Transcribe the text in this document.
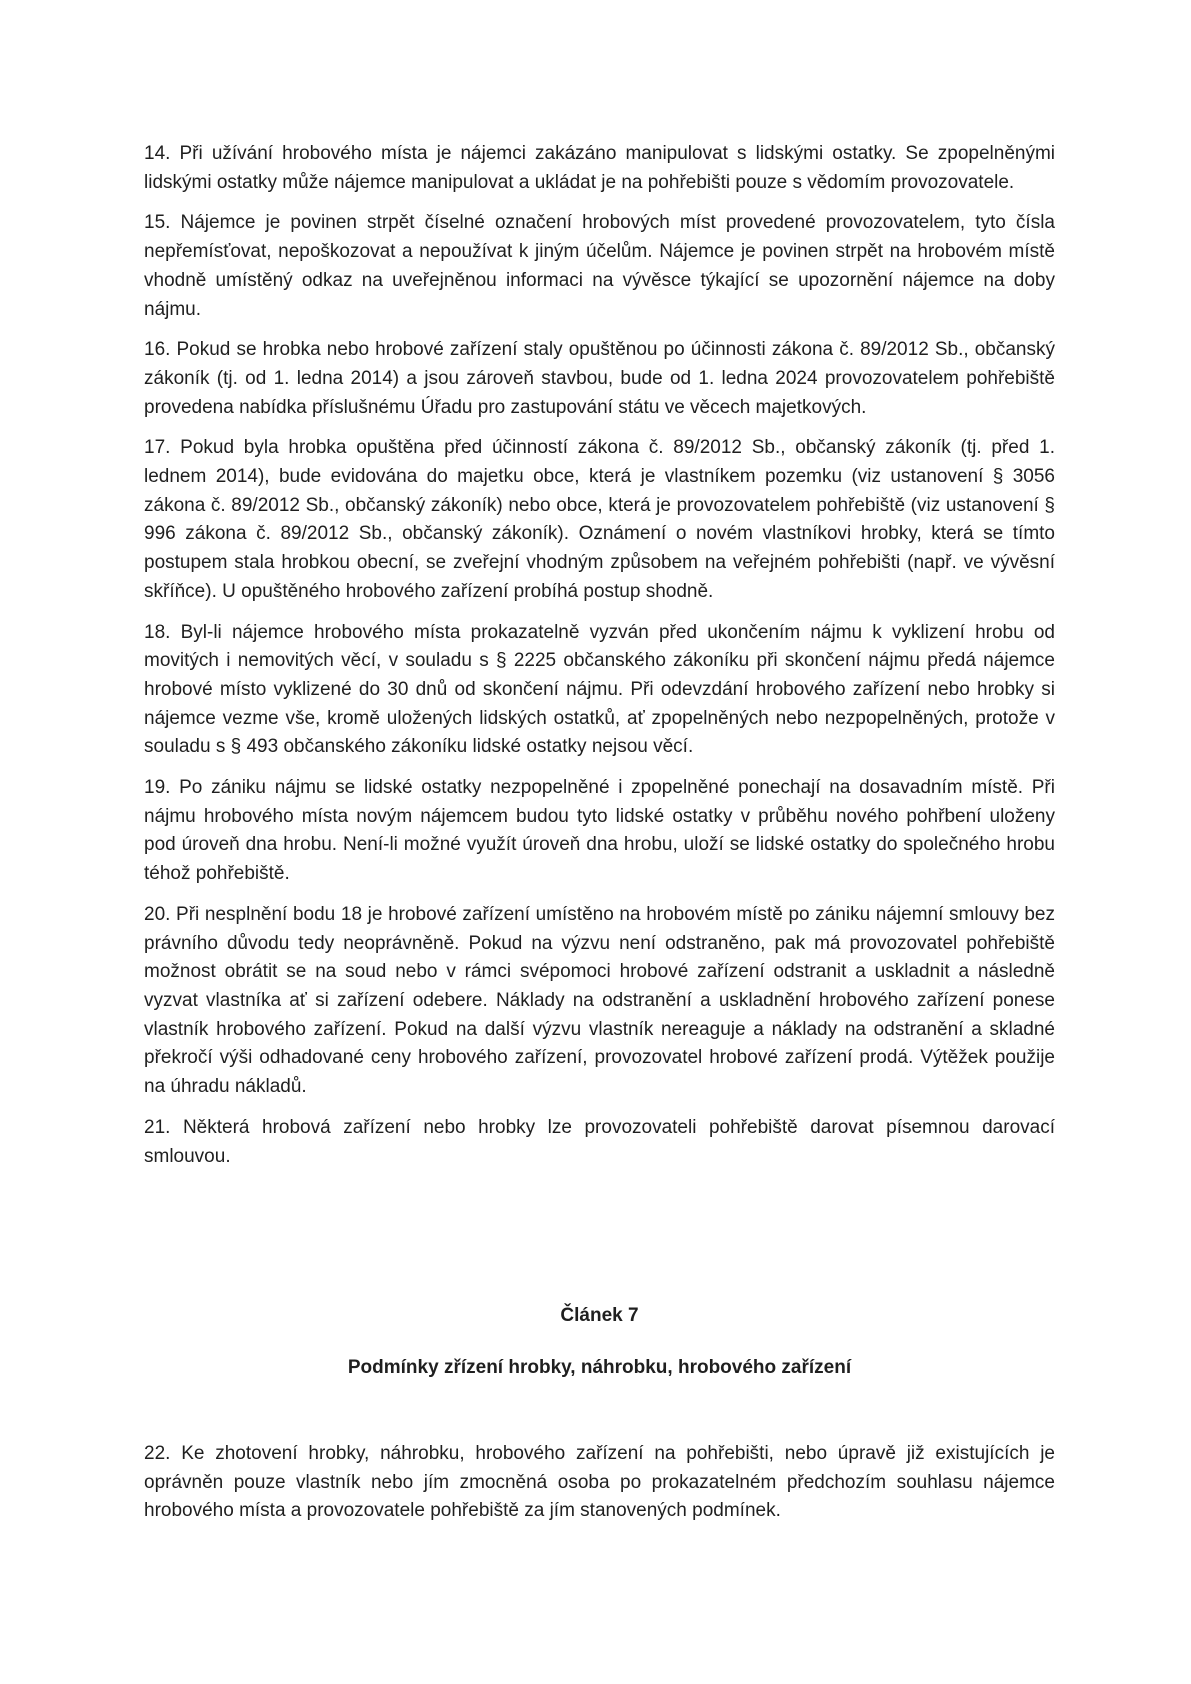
14. Při užívání hrobového místa je nájemci zakázáno manipulovat s lidskými ostatky. Se zpopelněnými lidskými ostatky může nájemce manipulovat a ukládat je na pohřebišti pouze s vědomím provozovatele.

15. Nájemce je povinen strpět číselné označení hrobových míst provedené provozovatelem, tyto čísla nepřemísťovat, nepoškozovat a nepoužívat k jiným účelům. Nájemce je povinen strpět na hrobovém místě vhodně umístěný odkaz na uveřejněnou informaci na vývěsce týkající se upozornění nájemce na doby nájmu.

16. Pokud se hrobka nebo hrobové zařízení staly opuštěnou po účinnosti zákona č. 89/2012 Sb., občanský zákoník (tj. od 1. ledna 2014) a jsou zároveň stavbou, bude od 1. ledna 2024 provozovatelem pohřebiště provedena nabídka příslušnému Úřadu pro zastupování státu ve věcech majetkových.

17. Pokud byla hrobka opuštěna před účinností zákona č. 89/2012 Sb., občanský zákoník (tj. před 1. lednem 2014), bude evidována do majetku obce, která je vlastníkem pozemku (viz ustanovení § 3056 zákona č. 89/2012 Sb., občanský zákoník) nebo obce, která je provozovatelem pohřebiště (viz ustanovení § 996 zákona č. 89/2012 Sb., občanský zákoník). Oznámení o novém vlastníkovi hrobky, která se tímto postupem stala hrobkou obecní, se zveřejní vhodným způsobem na veřejném pohřebišti (např. ve vývěsní skříňce). U opuštěného hrobového zařízení probíhá postup shodně.

18. Byl-li nájemce hrobového místa prokazatelně vyzván před ukončením nájmu k vyklizení hrobu od movitých i nemovitých věcí, v souladu s § 2225 občanského zákoníku při skončení nájmu předá nájemce hrobové místo vyklizené do 30 dnů od skončení nájmu. Při odevzdání hrobového zařízení nebo hrobky si nájemce vezme vše, kromě uložených lidských ostatků, ať zpopelněných nebo nezpopelněných, protože v souladu s § 493 občanského zákoníku lidské ostatky nejsou věcí.

19. Po zániku nájmu se lidské ostatky nezpopelněné i zpopelněné ponechají na dosavadním místě. Při nájmu hrobového místa novým nájemcem budou tyto lidské ostatky v průběhu nového pohřbení uloženy pod úroveň dna hrobu. Není-li možné využít úroveň dna hrobu, uloží se lidské ostatky do společného hrobu téhož pohřebiště.

20. Při nesplnění bodu 18 je hrobové zařízení umístěno na hrobovém místě po zániku nájemní smlouvy bez právního důvodu tedy neoprávněně. Pokud na výzvu není odstraněno, pak má provozovatel pohřebiště možnost obrátit se na soud nebo v rámci svépomoci hrobové zařízení odstranit a uskladnit a následně vyzvat vlastníka ať si zařízení odebere. Náklady na odstranění a uskladnění hrobového zařízení ponese vlastník hrobového zařízení. Pokud na další výzvu vlastník nereaguje a náklady na odstranění a skladné překročí výši odhadované ceny hrobového zařízení, provozovatel hrobové zařízení prodá. Výtěžek použije na úhradu nákladů.

21. Některá hrobová zařízení nebo hrobky lze provozovateli pohřebiště darovat písemnou darovací smlouvou.

Článek 7
Podmínky zřízení hrobky, náhrobku, hrobového zařízení

22. Ke zhotovení hrobky, náhrobku, hrobového zařízení na pohřebišti, nebo úpravě již existujících je oprávněn pouze vlastník nebo jím zmocněná osoba po prokazatelném předchozím souhlasu nájemce hrobového místa a provozovatele pohřebiště za jím stanovených podmínek.
